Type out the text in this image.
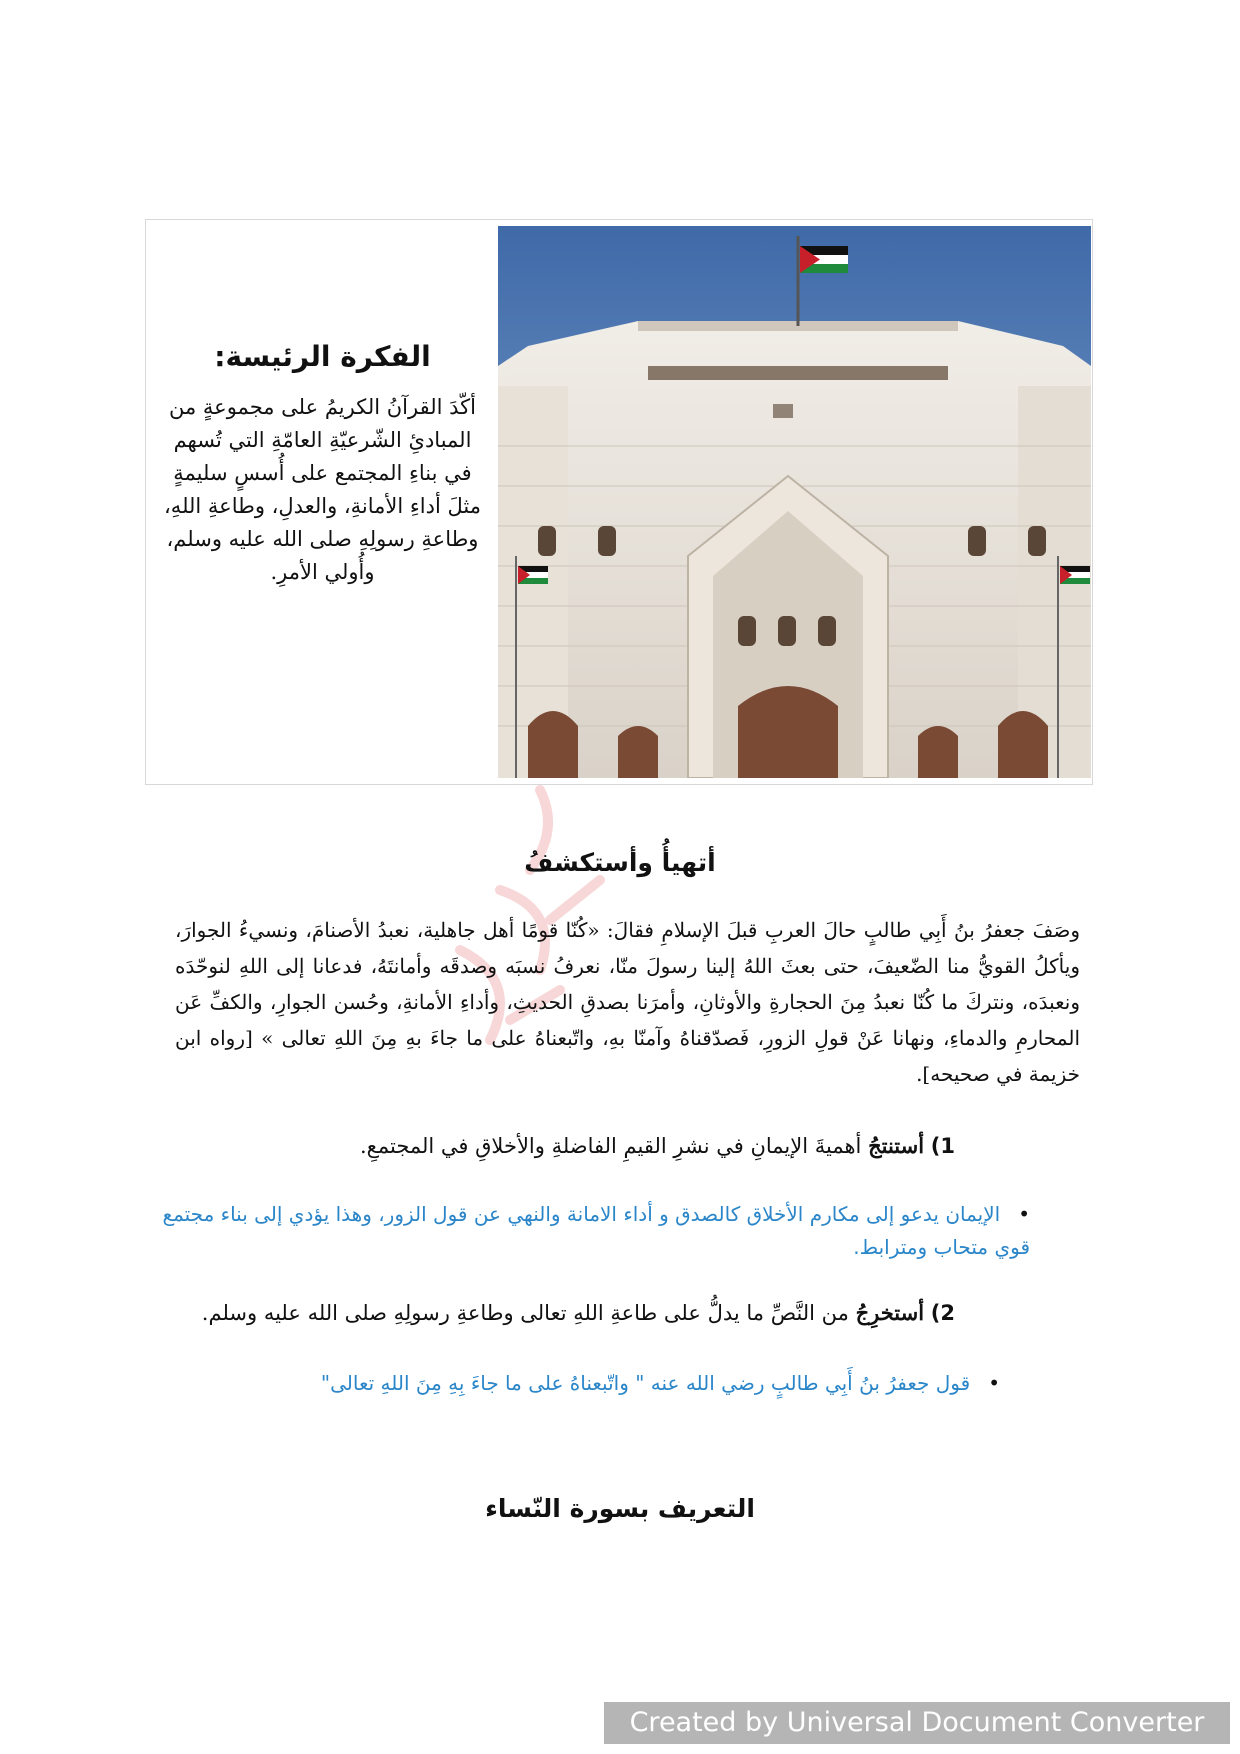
الفكرة الرئيسة:

أكّدَ القرآنُ الكريمُ على مجموعةٍ من المبادئِ الشّرعيّةِ العامّةِ التي تُسهم في بناءِ المجتمع على أُسسٍ سليمةٍ مثلَ أداءِ الأمانةِ، والعدلِ، وطاعةِ اللهِ، وطاعةِ رسولِهِ صلى الله عليه وسلم، وأُولي الأمرِ.

أتهيأُ وأستكشفُ

وصَفَ جعفرُ بنُ أَبِي طالبٍ حالَ العربِ قبلَ الإسلامِ فقالَ: «كُنّا قومًا أهل جاهلية، نعبدُ الأصنامَ، ونسيءُ الجوارَ، ويأكلُ القويُّ منا الضّعيفَ، حتى بعثَ اللهُ إلينا رسولَ منّا، نعرفُ نسبَه وصدقَه وأمانتَهُ، فدعانا إلى اللهِ لنوحّدَه ونعبدَه، ونتركَ ما كُنّا نعبدُ مِنَ الحجارةِ والأوثانِ، وأمرَنا بصدقِ الحديثِ، وأداءِ الأمانةِ، وحُسن الجوارِ، والكفِّ عَن المحارمِ والدماءِ، ونهانا عَنْ قولِ الزورِ، فَصدّقناهُ وآمنّا بهِ، واتّبعناهُ على ما جاءَ بهِ مِنَ اللهِ تعالى » [رواه ابن خزيمة في صحيحه].

1) أستنتجُ أهميةَ الإيمانِ في نشرِ القيمِ الفاضلةِ والأخلاقِ في المجتمعِ.

•الإيمان يدعو إلى مكارم الأخلاق كالصدق و أداء الامانة والنهي عن قول الزور، وهذا يؤدي إلى بناء مجتمع قوي متحاب ومترابط.

2) أستخرِجُ من النَّصِّ ما يدلُّ على طاعةِ اللهِ تعالى وطاعةِ رسولِهِ صلى الله عليه وسلم.

•قول جعفرُ بنُ أَبِي طالبٍ رضي الله عنه " واتّبعناهُ على ما جاءَ بِهِ مِنَ اللهِ تعالى"

التعريف بسورة النّساء
Created by Universal Document Converter
